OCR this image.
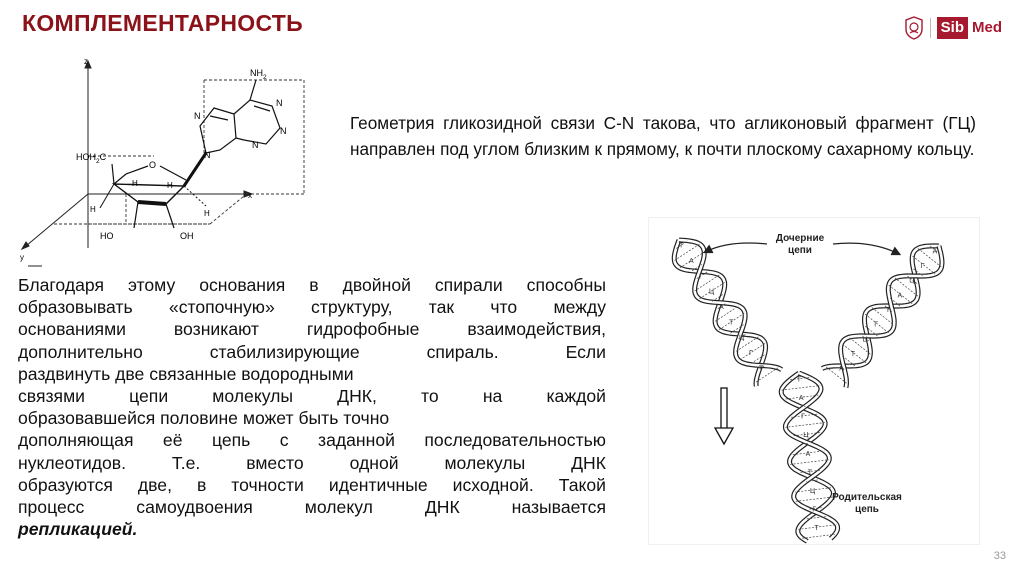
КОМПЛЕМЕНТАРНОСТЬ	Sib Med
$NH_2$
N
N
N
N
N
$HOH_2C$
O
H	H
H	H
HO	OH
z
x
y
Геометрия гликозидной связи C-N такова, что агликоновый фрагмент (ГЦ) направлен под углом близким к прямому, к почти плоскому сахарному кольцу.
Благодаря этому основания в двойной спирали способны
образовывать «стопочную» структуру, так что между
основаниями возникают гидрофобные взаимодействия,
дополнительно стабилизирующие спираль. Если
раздвинуть две связанные водородными
связями цепи молекулы ДНК, то на каждой
образовавшейся половине может быть точно
дополняющая её цепь с заданной последовательностью
нуклеотидов. Т.е. вместо одной молекулы ДНК
образуются две, в точности идентичные исходной. Такой
процесс самоудвоения молекул ДНК называется
репликацией.
Т
А
Г
Ц
А
Т
Ц
Г
Т
А
Г
Ц
А
Т
Г
Ц
Т
А
Т
А
Г
Ц
А
Т
Ц
Г
Т
Дочерние
цепи
Родительская
цепь
33
